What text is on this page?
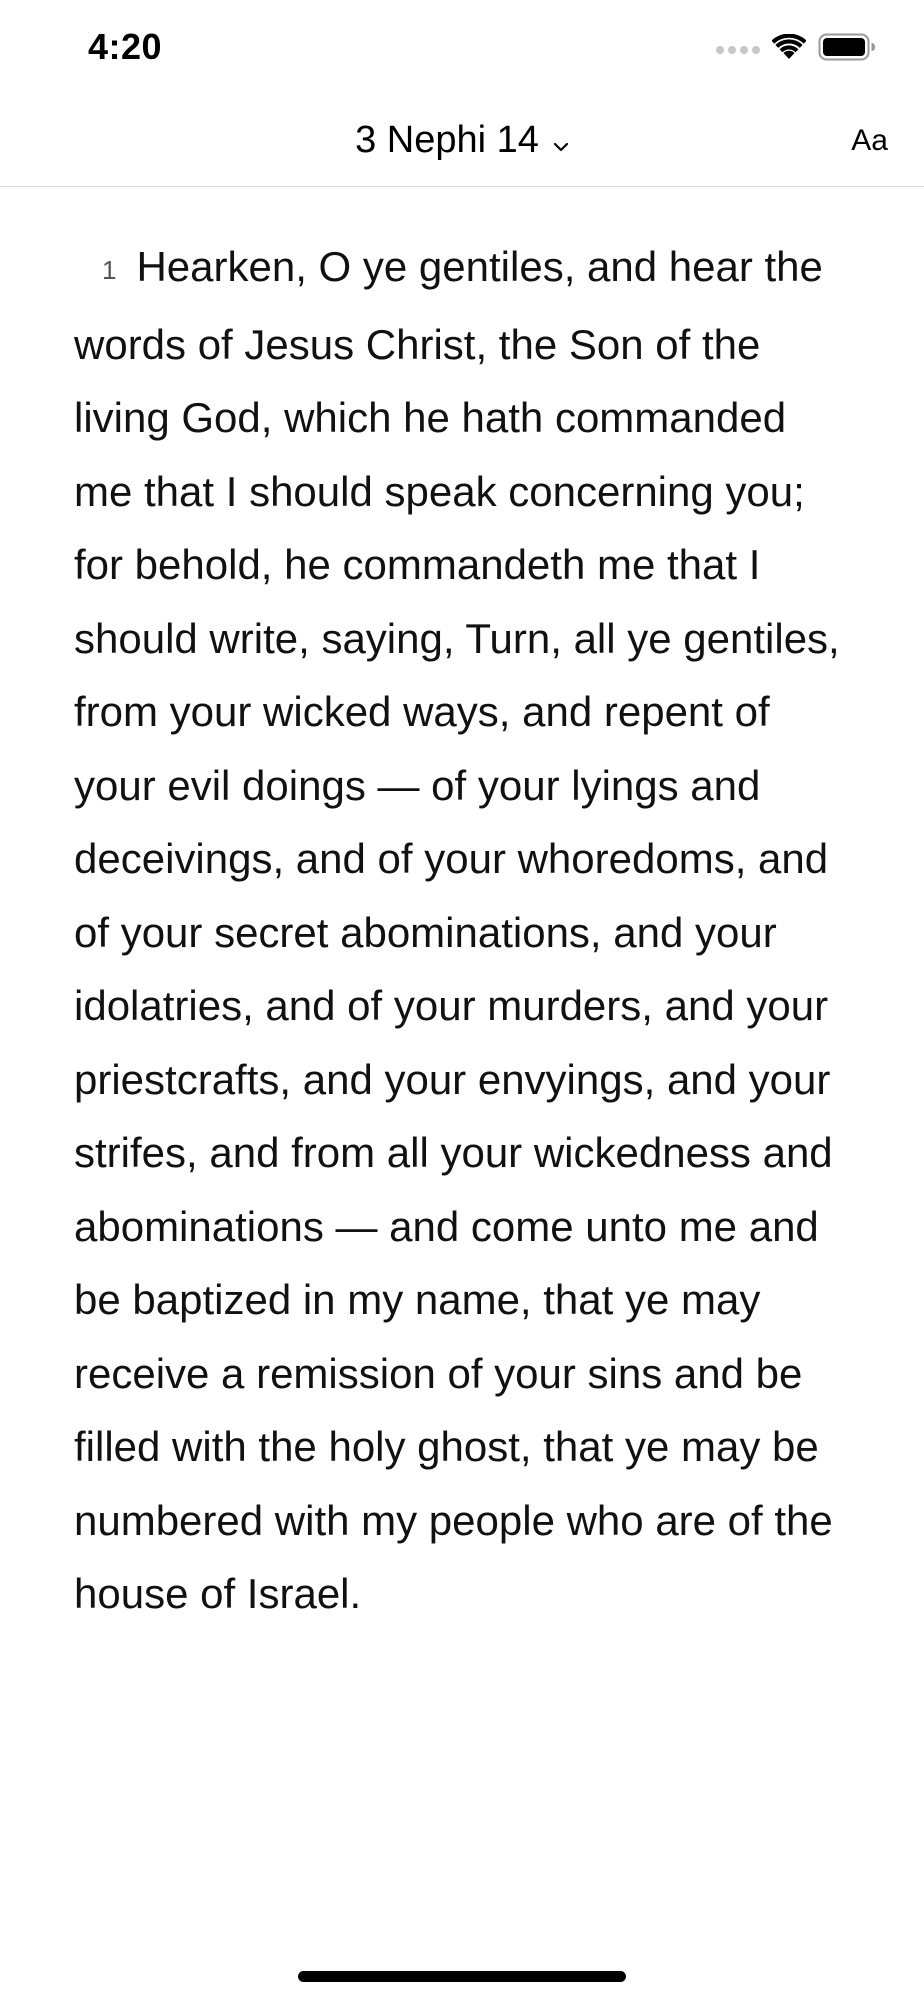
4:20
3 Nephi 14	Aa

1 Hearken, O ye gentiles, and hear the words of Jesus Christ, the Son of the living God, which he hath commanded me that I should speak concerning you; for behold, he commandeth me that I should write, saying, Turn, all ye gentiles, from your wicked ways, and repent of your evil doings — of your lyings and deceivings, and of your whoredoms, and of your secret abominations, and your idolatries, and of your murders, and your priestcrafts, and your envyings, and your strifes, and from all your wickedness and abominations — and come unto me and be baptized in my name, that ye may receive a remission of your sins and be filled with the holy ghost, that ye may be numbered with my people who are of the house of Israel.
